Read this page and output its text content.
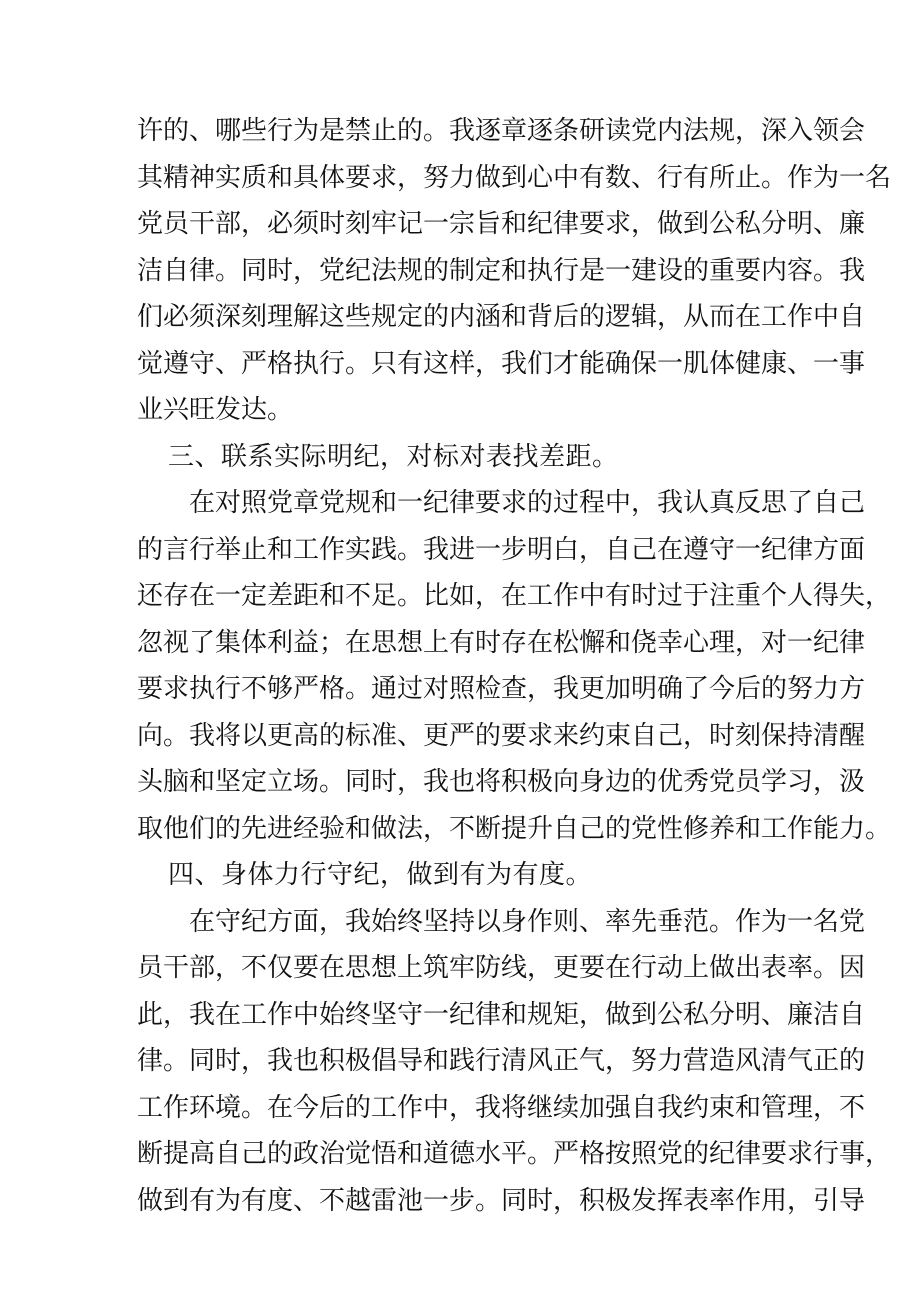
许的、哪些行为是禁止的。我逐章逐条研读党内法规，深入领会
其精神实质和具体要求，努力做到心中有数、行有所止。作为一名
党员干部，必须时刻牢记一宗旨和纪律要求，做到公私分明、廉
洁自律。同时，党纪法规的制定和执行是一建设的重要内容。我
们必须深刻理解这些规定的内涵和背后的逻辑，从而在工作中自
觉遵守、严格执行。只有这样，我们才能确保一肌体健康、一事
业兴旺发达。
三、联系实际明纪，对标对表找差距。
在对照党章党规和一纪律要求的过程中，我认真反思了自己
的言行举止和工作实践。我进一步明白，自己在遵守一纪律方面
还存在一定差距和不足。比如，在工作中有时过于注重个人得失，
忽视了集体利益；在思想上有时存在松懈和侥幸心理，对一纪律
要求执行不够严格。通过对照检查，我更加明确了今后的努力方
向。我将以更高的标准、更严的要求来约束自己，时刻保持清醒
头脑和坚定立场。同时，我也将积极向身边的优秀党员学习，汲
取他们的先进经验和做法，不断提升自己的党性修养和工作能力。
四、身体力行守纪，做到有为有度。
在守纪方面，我始终坚持以身作则、率先垂范。作为一名党
员干部，不仅要在思想上筑牢防线，更要在行动上做出表率。因
此，我在工作中始终坚守一纪律和规矩，做到公私分明、廉洁自
律。同时，我也积极倡导和践行清风正气，努力营造风清气正的
工作环境。在今后的工作中，我将继续加强自我约束和管理，不
断提高自己的政治觉悟和道德水平。严格按照党的纪律要求行事，
做到有为有度、不越雷池一步。同时，积极发挥表率作用，引导
